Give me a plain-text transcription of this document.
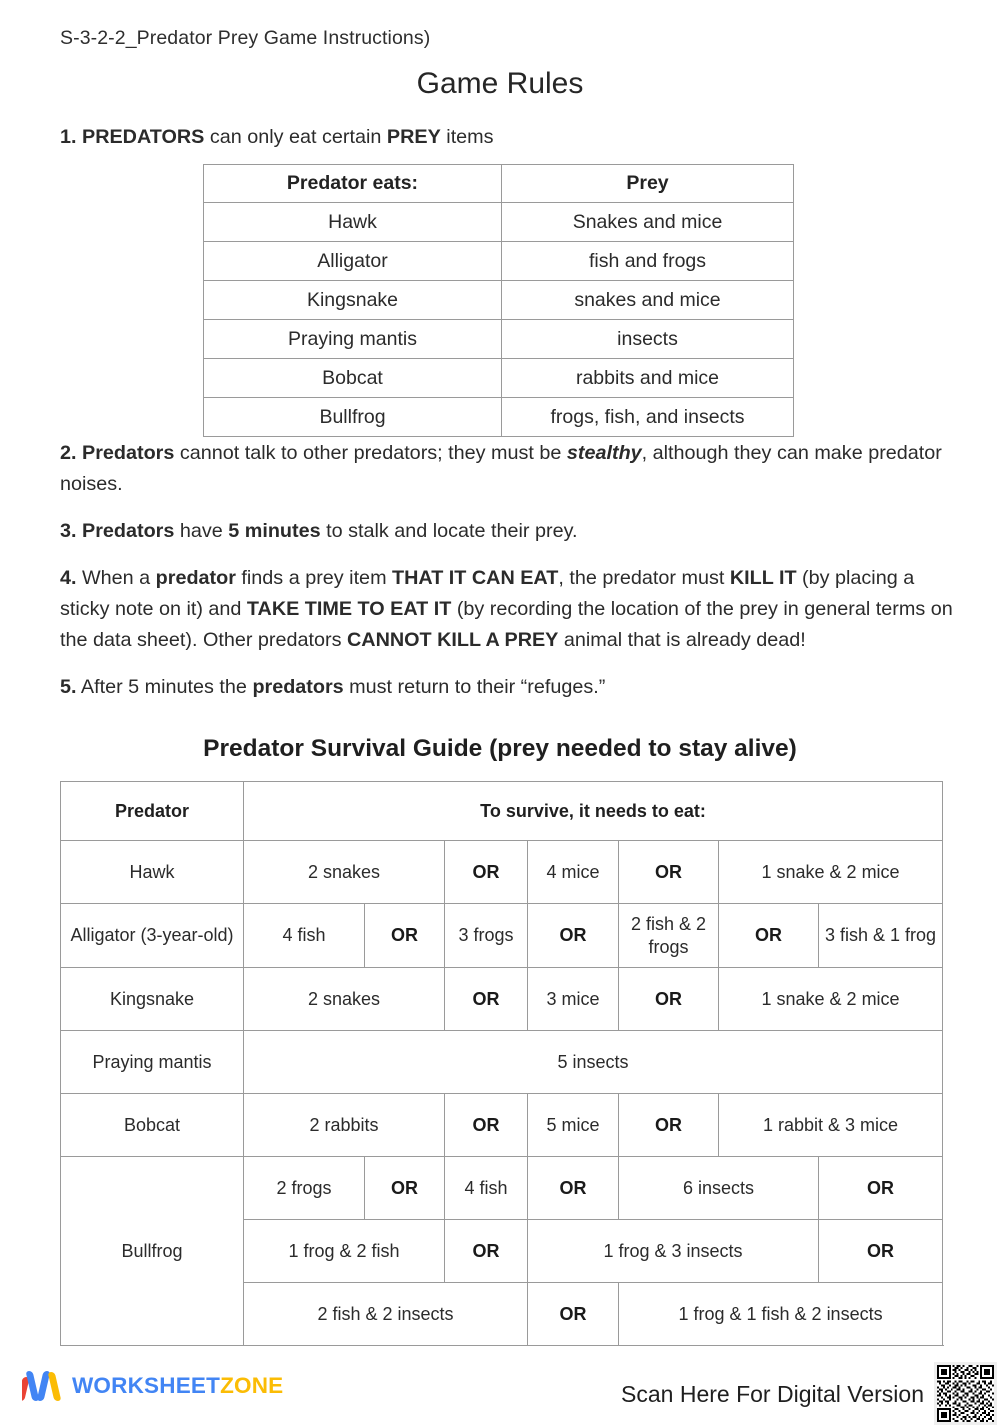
S-3-2-2_Predator Prey Game Instructions)
Game Rules

1. PREDATORS can only eat certain PREY items

Predator eats:	Prey
Hawk	Snakes and mice
Alligator	fish and frogs
Kingsnake	snakes and mice
Praying mantis	insects
Bobcat	rabbits and mice
Bullfrog	frogs, fish, and insects

2. Predators cannot talk to other predators; they must be stealthy, although they can make predator noises.

3. Predators have 5 minutes to stalk and locate their prey.

4. When a predator finds a prey item THAT IT CAN EAT, the predator must KILL IT (by placing a sticky note on it) and TAKE TIME TO EAT IT (by recording the location of the prey in general terms on the data sheet). Other predators CANNOT KILL A PREY animal that is already dead!

5. After 5 minutes the predators must return to their “refuges.”

Predator Survival Guide (prey needed to stay alive)
Predator	To survive, it needs to eat:						
Hawk	2 snakes		OR	4 mice	OR	1 snake & 2 mice	
Alligator (3-year-old)	4 fish	OR	3 frogs	OR	2 fish & 2 frogs	OR	3 fish & 1 frog
Kingsnake	2 snakes		OR	3 mice	OR	1 snake & 2 mice	
Praying mantis	5 insects						
Bobcat	2 rabbits		OR	5 mice	OR	1 rabbit & 3 mice	
Bullfrog	2 frogs	OR	4 fish	OR	6 insects		OR
	1 frog & 2 fish		OR	1 frog & 3 insects			OR
	2 fish & 2 insects			OR	1 frog & 1 fish & 2 insects		
WORKSHEETZONE	Scan Here For Digital Version
